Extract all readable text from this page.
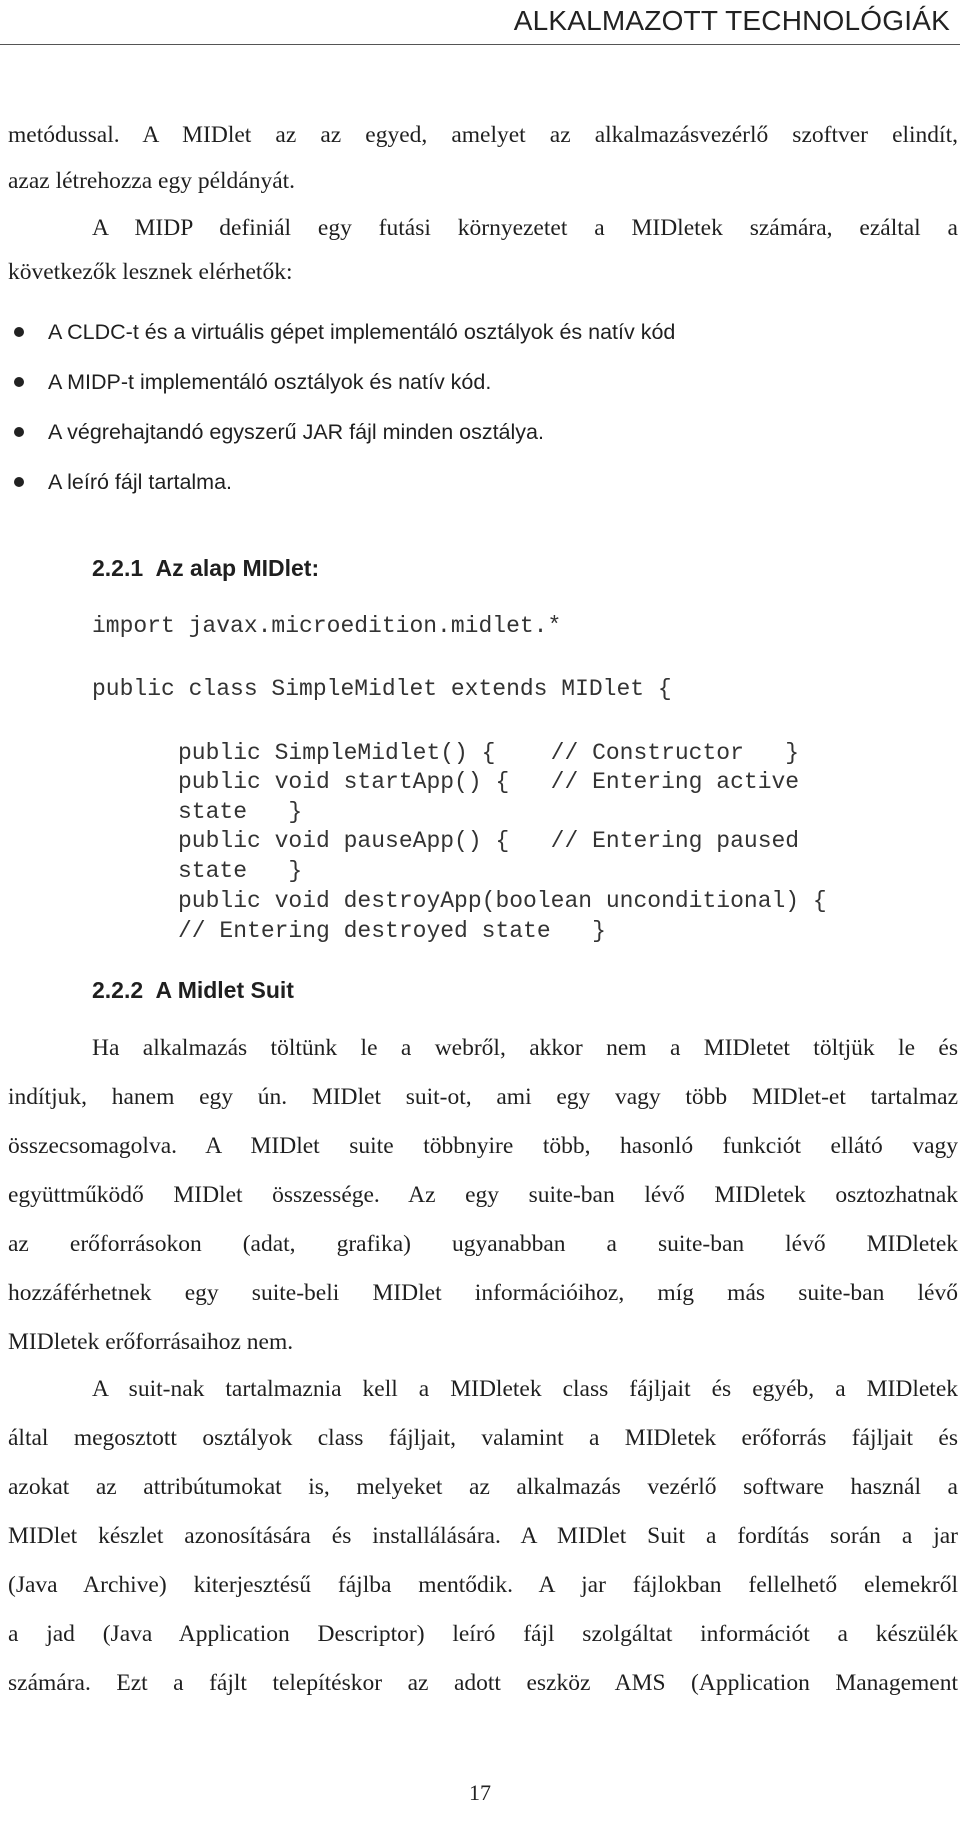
ALKALMAZOTT TECHNOLÓGIÁK

metódussal. A MIDlet az az egyed, amelyet az alkalmazásvezérlő szoftver elindít,

azaz létrehozza egy példányát.

A MIDP definiál egy futási környezetet a MIDletek számára, ezáltal a

következők lesznek elérhetők:

A CLDC-t és a virtuális gépet implementáló osztályok és natív kód
A MIDP-t implementáló osztályok és natív kód.
A végrehajtandó egyszerű JAR fájl minden osztálya.
A leíró fájl tartalma.
2.2.1 Az alap MIDlet:
import javax.microedition.midlet.*
public class SimpleMidlet extends MIDlet {
public SimpleMidlet() {    // Constructor   }
public void startApp() {   // Entering active
state   }
public void pauseApp() {   // Entering paused
state   }
public void destroyApp(boolean unconditional) {
// Entering destroyed state   }
2.2.2 A Midlet Suit

Ha alkalmazás töltünk le a webről, akkor nem a MIDletet töltjük le és

indítjuk, hanem egy ún. MIDlet suit-ot, ami egy vagy több MIDlet-et tartalmaz

összecsomagolva. A MIDlet suite többnyire több, hasonló funkciót ellátó vagy

együttműködő MIDlet összessége. Az egy suite-ban lévő MIDletek osztozhatnak

az erőforrásokon (adat, grafika) ugyanabban a suite-ban lévő MIDletek

hozzáférhetnek egy suite-beli MIDlet információihoz, míg más suite-ban lévő

MIDletek erőforrásaihoz nem.

A suit-nak tartalmaznia kell a MIDletek class fájljait és egyéb, a MIDletek

által megosztott osztályok class fájljait, valamint a MIDletek erőforrás fájljait és

azokat az attribútumokat is, melyeket az alkalmazás vezérlő software használ a

MIDlet készlet azonosítására és installálására. A MIDlet Suit a fordítás során a jar

(Java Archive) kiterjesztésű fájlba mentődik. A jar fájlokban fellelhető elemekről

a jad (Java Application Descriptor) leíró fájl szolgáltat információt a készülék

számára. Ezt a fájlt telepítéskor az adott eszköz AMS (Application Management

17
